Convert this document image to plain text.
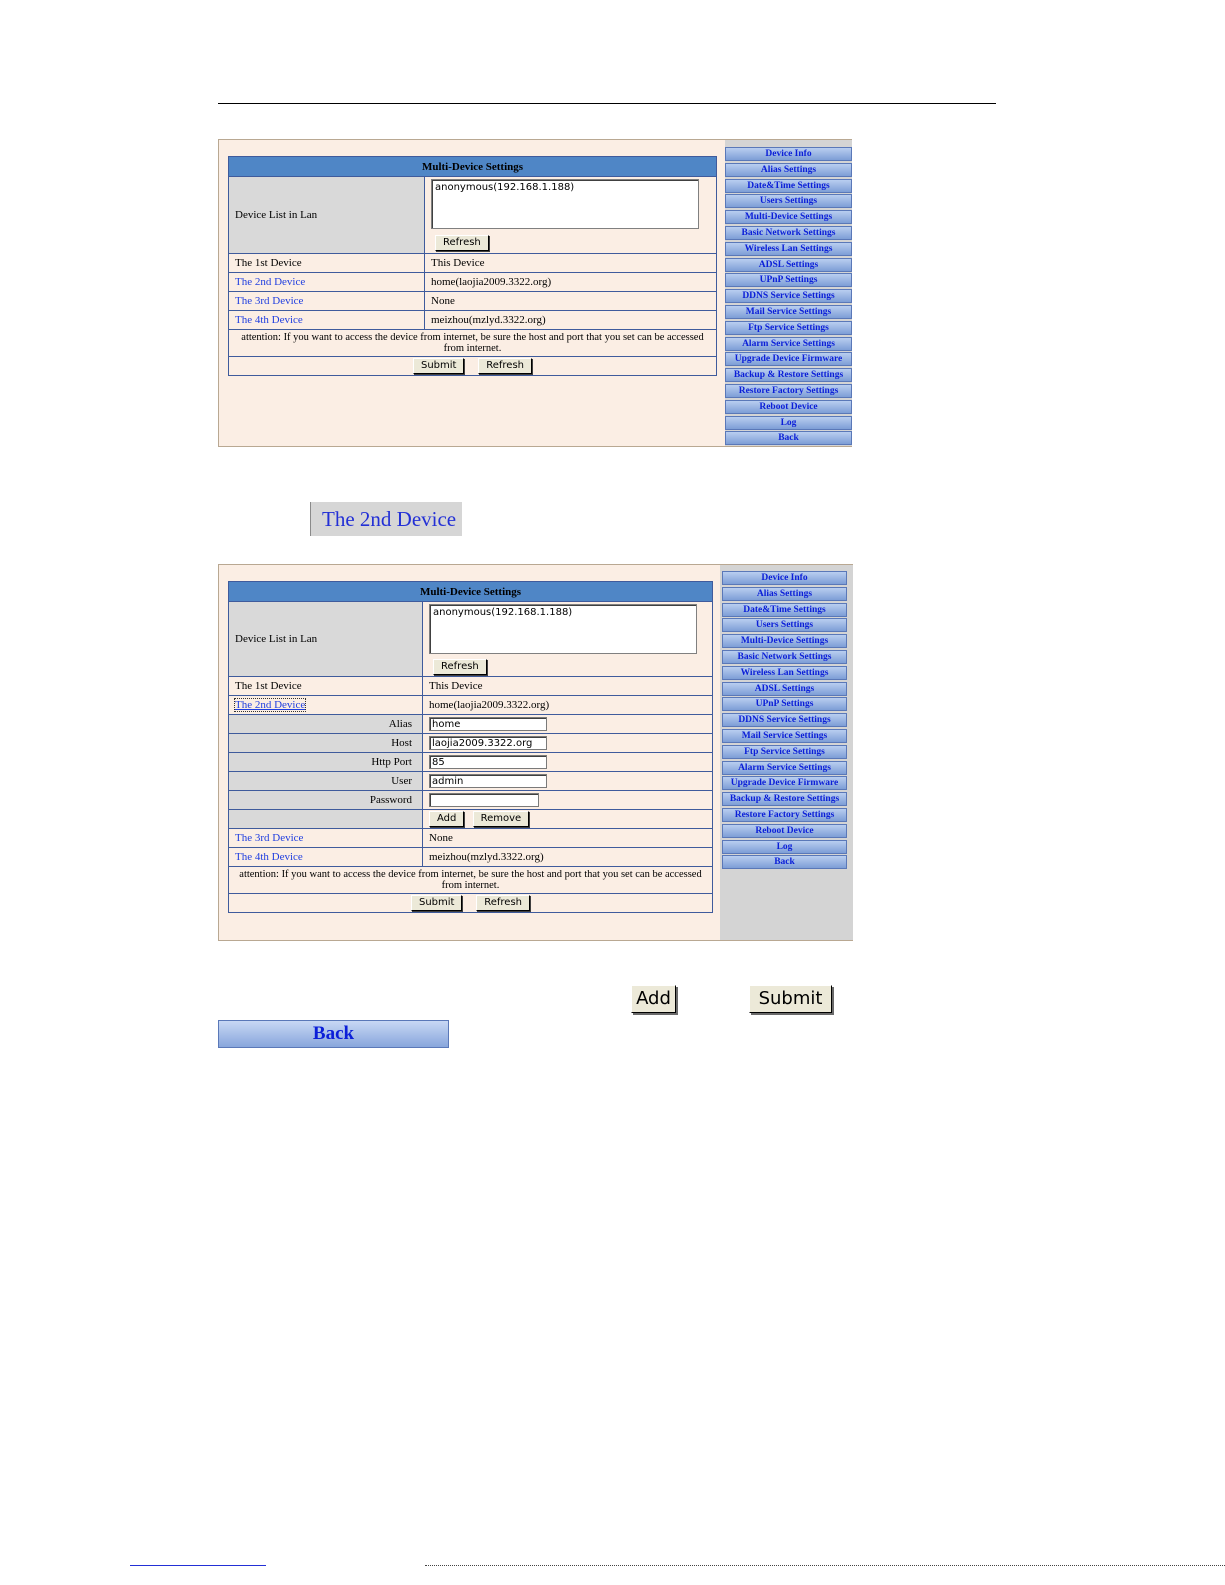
Multi-Device Settings	
Device List in Lan	anonymous(192.168.1.188)
Refresh

The 1st Device	This Device
The 2nd Device	home(laojia2009.3322.org)
The 3rd Device	None
The 4th Device	meizhou(mzlyd.3322.org)
attention: If you want to access the device from internet, be sure the host and port that you set can be accessed from internet.	
Submit Refresh	
Device Info
Alias Settings
Date&Time Settings
Users Settings
Multi-Device Settings
Basic Network Settings
Wireless Lan Settings
ADSL Settings
UPnP Settings
DDNS Service Settings
Mail Service Settings
Ftp Service Settings
Alarm Service Settings
Upgrade Device Firmware
Backup & Restore Settings
Restore Factory Settings
Reboot Device
Log
Back
The 2nd Device
Multi-Device Settings	
Device List in Lan	anonymous(192.168.1.188)
Refresh

The 1st Device	This Device
The 2nd Device	home(laojia2009.3322.org)
Alias	home
Host	laojia2009.3322.org
Http Port	85
User	admin
Password	
	Add Remove
The 3rd Device	None
The 4th Device	meizhou(mzlyd.3322.org)
attention: If you want to access the device from internet, be sure the host and port that you set can be accessed from internet.	
Submit Refresh	
Device Info
Alias Settings
Date&Time Settings
Users Settings
Multi-Device Settings
Basic Network Settings
Wireless Lan Settings
ADSL Settings
UPnP Settings
DDNS Service Settings
Mail Service Settings
Ftp Service Settings
Alarm Service Settings
Upgrade Device Firmware
Backup & Restore Settings
Restore Factory Settings
Reboot Device
Log
Back
Add	Submit
Back
